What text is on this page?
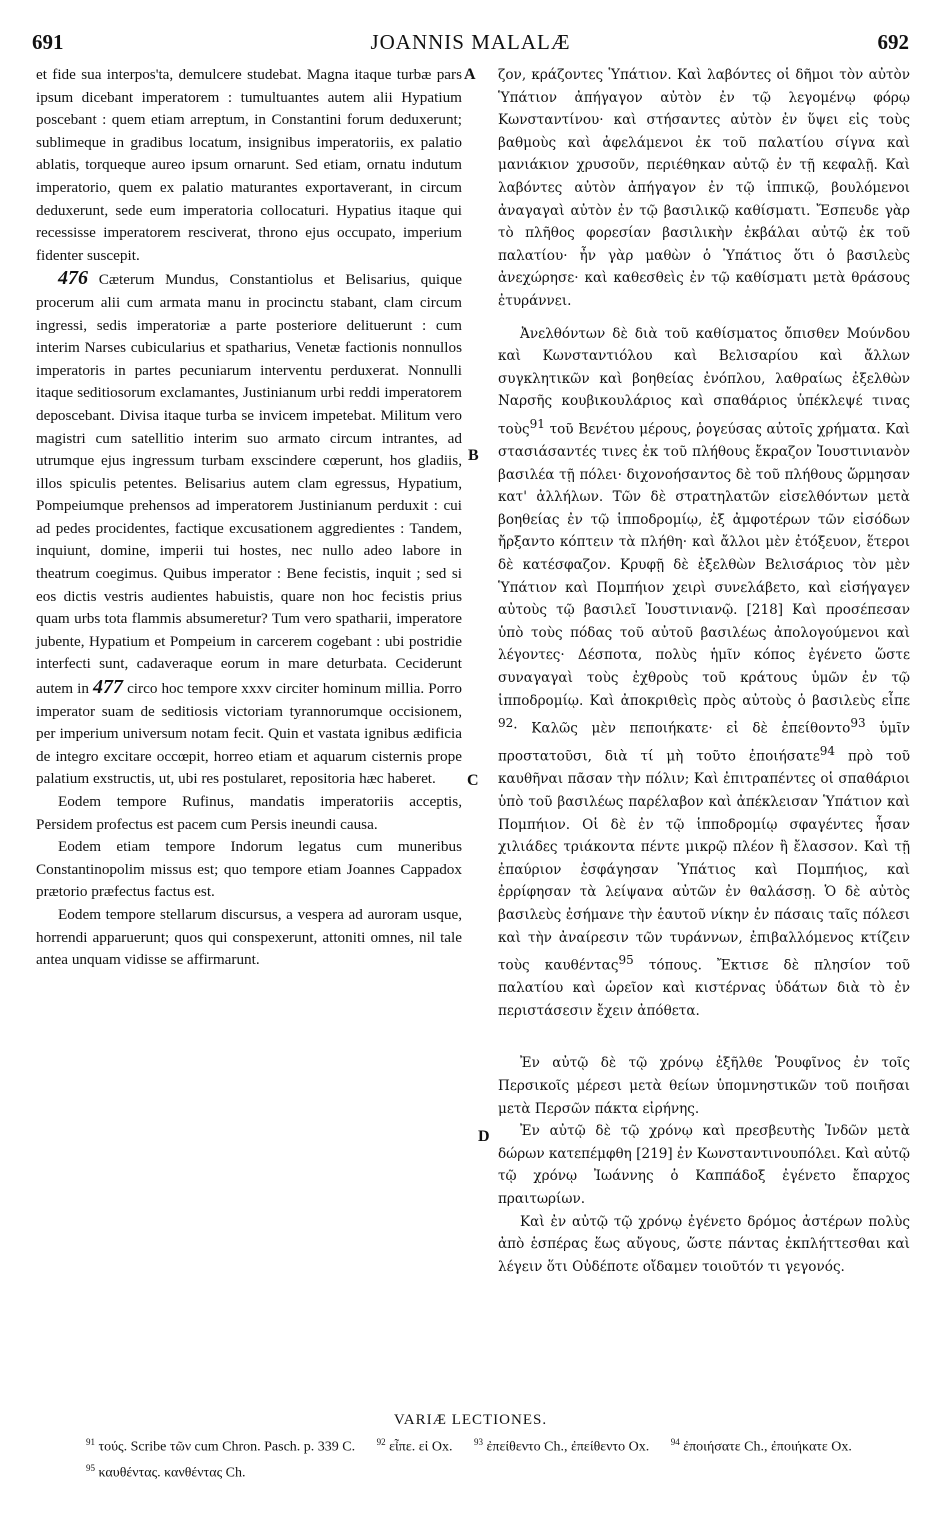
691	JOANNIS MALALÆ	692
A
B
C
D

et fide sua interpos'ta, demulcere studebat. Magna itaque turbæ pars ipsum dicebant imperatorem : tumultuantes autem alii Hypatium poscebant : quem etiam arreptum, in Constantini forum deduxerunt; sublimeque in gradibus locatum, insignibus imperatoriis, ex palatio ablatis, torqueque aureo ipsum ornarunt. Sed etiam, ornatu indutum imperatorio, quem ex palatio maturantes exportaverant, in circum deduxerunt, sede eum imperatoria collocaturi. Hypatius itaque qui recessisse imperatorem resciverat, throno ejus occupato, imperium fidenter suscepit.

476 Cæterum Mundus, Constantiolus et Belisarius, quique procerum alii cum armata manu in procinctu stabant, clam circum ingressi, sedis imperatoriæ a parte posteriore delituerunt : cum interim Narses cubicularius et spatharius, Venetæ factionis nonnullos imperatoris in partes pecuniarum interventu perduxerat. Nonnulli itaque seditiosorum exclamantes, Justinianum urbi reddi imperatorem deposcebant. Divisa itaque turba se invicem impetebat. Militum vero magistri cum satellitio interim suo armato circum intrantes, ad utrumque ejus ingressum turbam exscindere cœperunt, hos gladiis, illos spiculis petentes. Belisarius autem clam egressus, Hypatium, Pompeiumque prehensos ad imperatorem Justinianum perduxit : cui ad pedes procidentes, factique excusationem aggredientes : Tandem, inquiunt, domine, imperii tui hostes, nec nullo adeo labore in theatrum coegimus. Quibus imperator : Bene fecistis, inquit ; sed si eos dictis vestris audientes habuistis, quare non hoc fecistis prius quam urbs tota flammis absumeretur? Tum vero spatharii, imperatore jubente, Hypatium et Pompeium in carcerem cogebant : ubi postridie interfecti sunt, cadaveraque eorum in mare deturbata. Ceciderunt autem in 477 circo hoc tempore xxxv circiter hominum millia. Porro imperator suam de seditiosis victoriam tyrannorumque occisionem, per imperium universum notam fecit. Quin et vastata ignibus ædificia de integro excitare occœpit, horreo etiam et aquarum cisternis prope palatium exstructis, ut, ubi res postularet, repositoria hæc haberet.

Eodem tempore Rufinus, mandatis imperatoriis acceptis, Persidem profectus est pacem cum Persis ineundi causa.

Eodem etiam tempore Indorum legatus cum muneribus Constantinopolim missus est; quo tempore etiam Joannes Cappadox prætorio præfectus factus est.

Eodem tempore stellarum discursus, a vespera ad auroram usque, horrendi apparuerunt; quos qui conspexerunt, attoniti omnes, nil tale antea unquam vidisse se affirmarunt.

ζον, κράζοντες Ὑπάτιον. Καὶ λαβόντες οἱ δῆμοι τὸν αὐτὸν Ὑπάτιον ἀπήγαγον αὐτὸν ἐν τῷ λεγομένῳ φόρῳ Κωνσταντίνου· καὶ στήσαντες αὐτὸν ἐν ὕψει εἰς τοὺς βαθμοὺς καὶ ἀφελάμενοι ἐκ τοῦ παλατίου σίγνα καὶ μανιάκιον χρυσοῦν, περιέθηκαν αὐτῷ ἐν τῇ κεφαλῇ. Καὶ λαβόντες αὐτὸν ἀπήγαγον ἐν τῷ ἱππικῷ, βουλόμενοι ἀναγαγαὶ αὐτὸν ἐν τῷ βασιλικῷ καθίσματι. Ἔσπευδε γὰρ τὸ πλῆθος φορεσίαν βασιλικὴν ἐκβάλαι αὐτῷ ἐκ τοῦ παλατίου· ἦν γὰρ μαθὼν ὁ Ὑπάτιος ὅτι ὁ βασιλεὺς ἀνεχώρησε· καὶ καθεσθεὶς ἐν τῷ καθίσματι μετὰ θράσους ἐτυράννει.

Ἀνελθόντων δὲ διὰ τοῦ καθίσματος ὄπισθεν Μούνδου καὶ Κωνσταντιόλου καὶ Βελισαρίου καὶ ἄλλων συγκλητικῶν καὶ βοηθείας ἐνόπλου, λαθραίως ἐξελθὼν Ναρσῆς κουβικουλάριος καὶ σπαθάριος ὑπέκλεψέ τινας τοὺς$^{91}$ τοῦ Βενέτου μέρους, ῥογεύσας αὐτοῖς χρήματα. Καὶ στασιάσαντές τινες ἐκ τοῦ πλήθους ἔκραζον Ἰουστινιανὸν βασιλέα τῇ πόλει· διχονοήσαντος δὲ τοῦ πλήθους ὥρμησαν κατ' ἀλλήλων. Τῶν δὲ στρατηλατῶν εἰσελθόντων μετὰ βοηθείας ἐν τῷ ἱπποδρομίῳ, ἐξ ἀμφοτέρων τῶν εἰσόδων ἤρξαντο κόπτειν τὰ πλήθη· καὶ ἄλλοι μὲν ἐτόξευον, ἕτεροι δὲ κατέσφαζον. Κρυφῇ δὲ ἐξελθὼν Βελισάριος τὸν μὲν Ὑπάτιον καὶ Πομπήιον χειρὶ συνελάβετο, καὶ εἰσήγαγεν αὐτοὺς τῷ βασιλεῖ Ἰουστινιανῷ. [218] Καὶ προσέπεσαν ὑπὸ τοὺς πόδας τοῦ αὐτοῦ βασιλέως ἀπολογούμενοι καὶ λέγοντες· Δέσποτα, πολὺς ἡμῖν κόπος ἐγένετο ὥστε συναγαγαὶ τοὺς ἐχθροὺς τοῦ κράτους ὑμῶν ἐν τῷ ἱπποδρομίῳ. Καὶ ἀποκριθεὶς πρὸς αὐτοὺς ὁ βασιλεὺς εἶπε $^{92}$· Καλῶς μὲν πεποιήκατε· εἰ δὲ ἐπείθοντο$^{93}$ ὑμῖν προστατοῦσι, διὰ τί μὴ τοῦτο ἐποιήσατε$^{94}$ πρὸ τοῦ καυθῆναι πᾶσαν τὴν πόλιν; Καὶ ἐπιτραπέντες οἱ σπαθάριοι ὑπὸ τοῦ βασιλέως παρέλαβον καὶ ἀπέκλεισαν Ὑπάτιον καὶ Πομπήιον. Οἱ δὲ ἐν τῷ ἱπποδρομίῳ σφαγέντες ἦσαν χιλιάδες τριάκοντα πέντε μικρῷ πλέον ἢ ἔλασσον. Καὶ τῇ ἐπαύριον ἐσφάγησαν Ὑπάτιος καὶ Πομπήιος, καὶ ἐρρίφησαν τὰ λείψανα αὐτῶν ἐν θαλάσσῃ. Ὁ δὲ αὐτὸς βασιλεὺς ἐσήμανε τὴν ἑαυτοῦ νίκην ἐν πάσαις ταῖς πόλεσι καὶ τὴν ἀναίρεσιν τῶν τυράννων, ἐπιβαλλόμενος κτίζειν τοὺς καυθέντας$^{95}$ τόπους. Ἔκτισε δὲ πλησίον τοῦ παλατίου καὶ ὡρεῖον καὶ κιστέρνας ὑδάτων διὰ τὸ ἐν περιστάσεσιν ἔχειν ἀπόθετα.

Ἐν αὐτῷ δὲ τῷ χρόνῳ ἐξῆλθε Ῥουφῖνος ἐν τοῖς Περσικοῖς μέρεσι μετὰ θείων ὑπομνηστικῶν τοῦ ποιῆσαι μετὰ Περσῶν πάκτα εἰρήνης.

Ἐν αὐτῷ δὲ τῷ χρόνῳ καὶ πρεσβευτὴς Ἰνδῶν μετὰ δώρων κατεπέμφθη [219] ἐν Κωνσταντινουπόλει. Καὶ αὐτῷ τῷ χρόνῳ Ἰωάννης ὁ Καππάδοξ ἐγένετο ἔπαρχος πραιτωρίων.

Καὶ ἐν αὐτῷ τῷ χρόνῳ ἐγένετο δρόμος ἀστέρων πολὺς ἀπὸ ἑσπέρας ἕως αὔγους, ὥστε πάντας ἐκπλήττεσθαι καὶ λέγειν ὅτι Οὐδέποτε οἴδαμεν τοιοῦτόν τι γεγονός.

VARIÆ LECTIONES.

$^{91}$ τούς. Scribe τῶν cum Chron. Pasch. p. 339 C. $^{92}$ εἶπε. εἰ Ox. $^{93}$ ἐπείθεντο Ch., ἐπείθεντο Ox. $^{94}$ ἐποιήσατε Ch., ἐποιήκατε Ox. $^{95}$ καυθέντας. κανθέντας Ch.
